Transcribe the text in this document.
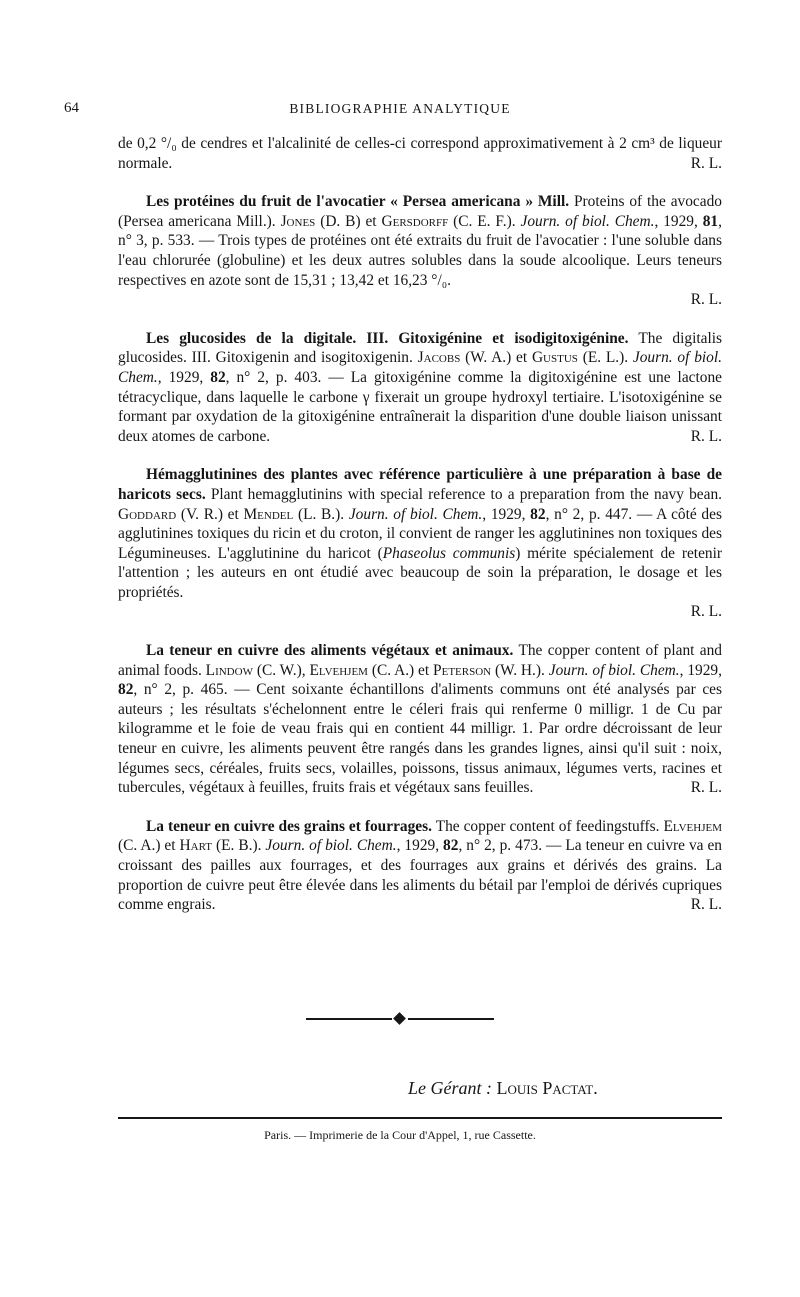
64	BIBLIOGRAPHIE ANALYTIQUE

de 0,2 °/₀ de cendres et l'alcalinité de celles-ci correspond approximativement à 2 cm³ de liqueur normale.	R. L.

Les protéines du fruit de l'avocatier « Persea americana » Mill. Proteins of the avocado (Persea americana Mill.). Jones (D. B) et Gersdorff (C. E. F.). Journ. of biol. Chem., 1929, 81, n° 3, p. 533. — Trois types de protéines ont été extraits du fruit de l'avocatier : l'une soluble dans l'eau chlorurée (globuline) et les deux autres solubles dans la soude alcoolique. Leurs teneurs respectives en azote sont de 15,31 ; 13,42 et 16,23 °/₀.

R. L.

Les glucosides de la digitale. III. Gitoxigénine et isodigitoxigénine. The digitalis glucosides. III. Gitoxigenin and isogitoxigenin. Jacobs (W. A.) et Gustus (E. L.). Journ. of biol. Chem., 1929, 82, n° 2, p. 403. — La gitoxigénine comme la digitoxigénine est une lactone tétracyclique, dans laquelle le carbone γ fixerait un groupe hydroxyl tertiaire. L'isotoxigénine se formant par oxydation de la gitoxigénine entraînerait la disparition d'une double liaison unissant deux atomes de carbone.	R. L.

Hémagglutinines des plantes avec référence particulière à une préparation à base de haricots secs. Plant hemagglutinins with special reference to a preparation from the navy bean. Goddard (V. R.) et Mendel (L. B.). Journ. of biol. Chem., 1929, 82, n° 2, p. 447. — A côté des agglutinines toxiques du ricin et du croton, il convient de ranger les agglutinines non toxiques des Légumineuses. L'agglutinine du haricot (Phaseolus communis) mérite spécialement de retenir l'attention ; les auteurs en ont étudié avec beaucoup de soin la préparation, le dosage et les propriétés.

R. L.

La teneur en cuivre des aliments végétaux et animaux. The copper content of plant and animal foods. Lindow (C. W.), Elvehjem (C. A.) et Peterson (W. H.). Journ. of biol. Chem., 1929, 82, n° 2, p. 465. — Cent soixante échantillons d'aliments communs ont été analysés par ces auteurs ; les résultats s'échelonnent entre le céleri frais qui renferme 0 milligr. 1 de Cu par kilogramme et le foie de veau frais qui en contient 44 milligr. 1. Par ordre décroissant de leur teneur en cuivre, les aliments peuvent être rangés dans les grandes lignes, ainsi qu'il suit : noix, légumes secs, céréales, fruits secs, volailles, poissons, tissus animaux, légumes verts, racines et tubercules, végétaux à feuilles, fruits frais et végétaux sans feuilles.	R. L.

La teneur en cuivre des grains et fourrages. The copper content of feedingstuffs. Elvehjem (C. A.) et Hart (E. B.). Journ. of biol. Chem., 1929, 82, n° 2, p. 473. — La teneur en cuivre va en croissant des pailles aux fourrages, et des fourrages aux grains et dérivés des grains. La proportion de cuivre peut être élevée dans les aliments du bétail par l'emploi de dérivés cupriques comme engrais.	R. L.

Le Gérant : Louis Pactat.
Paris. — Imprimerie de la Cour d'Appel, 1, rue Cassette.
